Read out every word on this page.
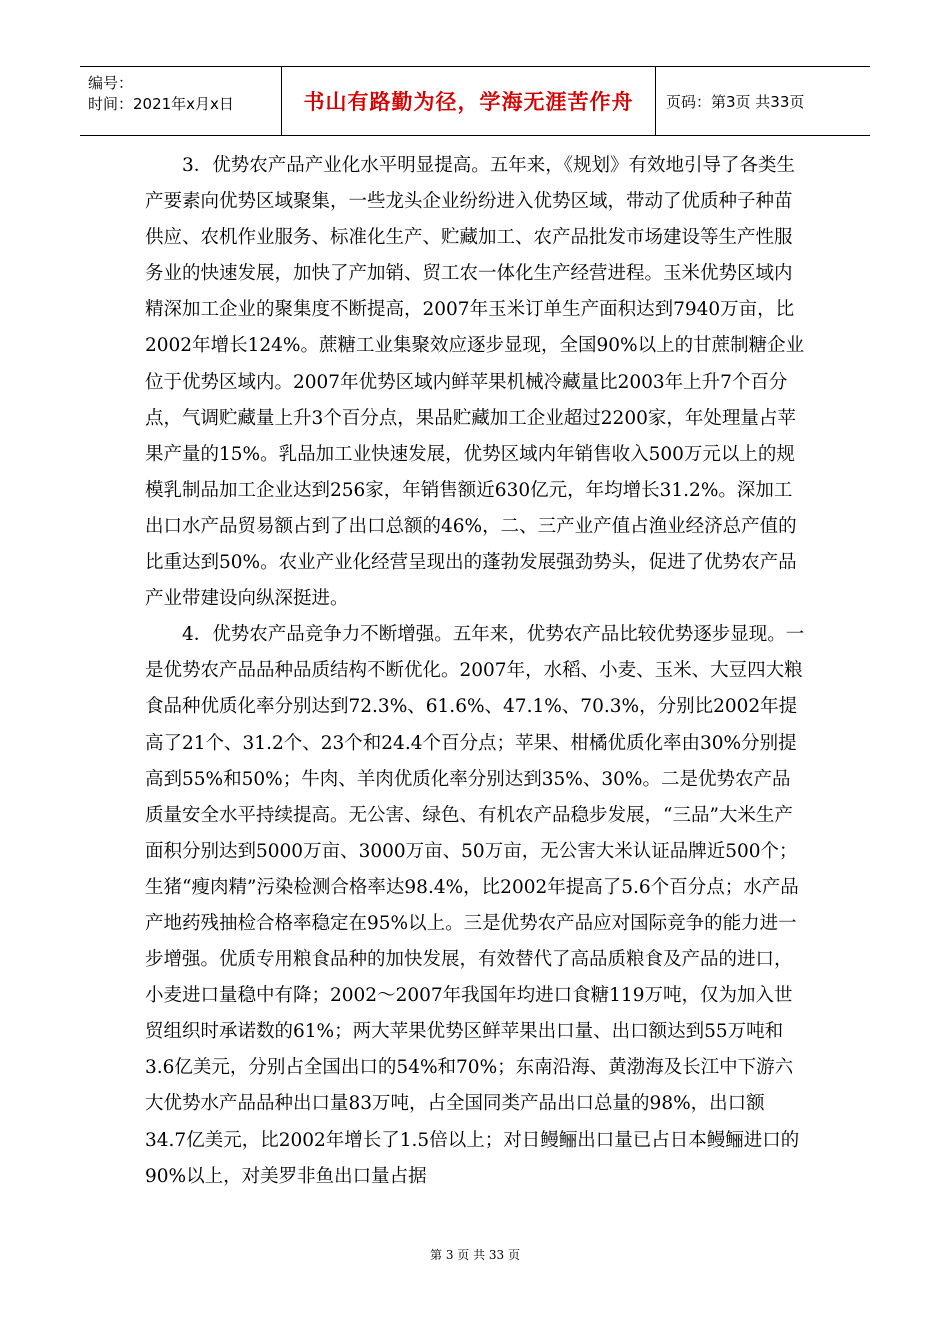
编号：
时间：2021年x月x日	书山有路勤为径，学海无涯苦作舟	页码：第3页 共33页

3．优势农产品产业化水平明显提高。五年来，《规划》有效地引导了各类生产要素向优势区域聚集，一些龙头企业纷纷进入优势区域，带动了优质种子种苗供应、农机作业服务、标准化生产、贮藏加工、农产品批发市场建设等生产性服务业的快速发展，加快了产加销、贸工农一体化生产经营进程。玉米优势区域内精深加工企业的聚集度不断提高，2007年玉米订单生产面积达到7940万亩，比2002年增长124%。蔗糖工业集聚效应逐步显现，全国90%以上的甘蔗制糖企业位于优势区域内。2007年优势区域内鲜苹果机械冷藏量比2003年上升7个百分点，气调贮藏量上升3个百分点，果品贮藏加工企业超过2200家，年处理量占苹果产量的15%。乳品加工业快速发展，优势区域内年销售收入500万元以上的规模乳制品加工企业达到256家，年销售额近630亿元，年均增长31.2%。深加工出口水产品贸易额占到了出口总额的46%，二、三产业产值占渔业经济总产值的比重达到50%。农业产业化经营呈现出的蓬勃发展强劲势头，促进了优势农产品产业带建设向纵深挺进。

4．优势农产品竞争力不断增强。五年来，优势农产品比较优势逐步显现。一是优势农产品品种品质结构不断优化。2007年，水稻、小麦、玉米、大豆四大粮食品种优质化率分别达到72.3%、61.6%、47.1%、70.3%，分别比2002年提高了21个、31.2个、23个和24.4个百分点；苹果、柑橘优质化率由30%分别提高到55%和50%；牛肉、羊肉优质化率分别达到35%、30%。二是优势农产品质量安全水平持续提高。无公害、绿色、有机农产品稳步发展，“三品”大米生产面积分别达到5000万亩、3000万亩、50万亩，无公害大米认证品牌近500个；生猪“瘦肉精”污染检测合格率达98.4%，比2002年提高了5.6个百分点；水产品产地药残抽检合格率稳定在95%以上。三是优势农产品应对国际竞争的能力进一步增强。优质专用粮食品种的加快发展，有效替代了高品质粮食及产品的进口，小麦进口量稳中有降；2002～2007年我国年均进口食糖119万吨，仅为加入世贸组织时承诺数的61%；两大苹果优势区鲜苹果出口量、出口额达到55万吨和3.6亿美元，分别占全国出口的54%和70%；东南沿海、黄渤海及长江中下游六大优势水产品品种出口量83万吨，占全国同类产品出口总量的98%，出口额34.7亿美元，比2002年增长了1.5倍以上；对日鳗鲡出口量已占日本鳗鲡进口的90%以上，对美罗非鱼出口量占据

第 3 页 共 33 页
